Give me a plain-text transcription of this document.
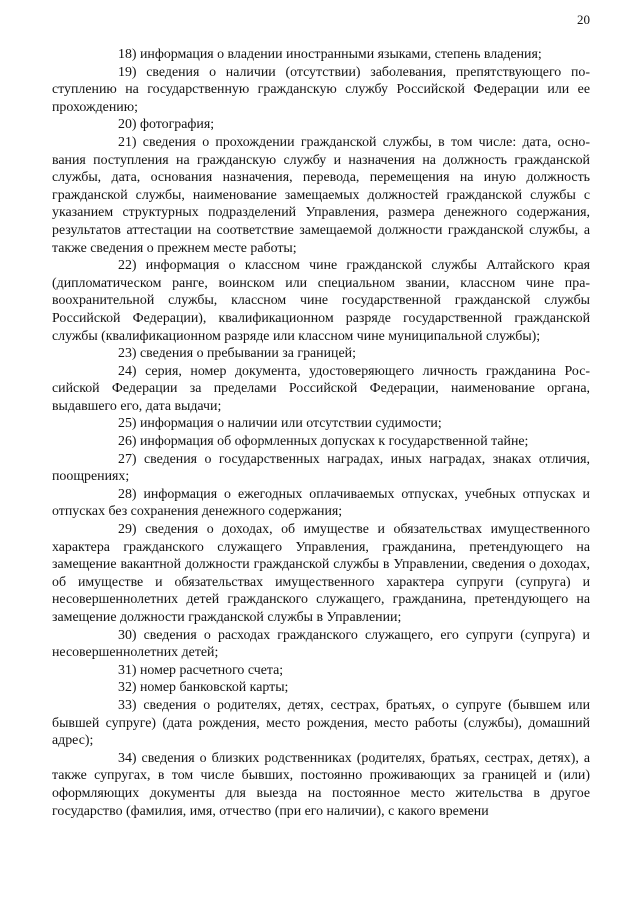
20

18) информация о владении иностранными языками, степень владения;

19) сведения о наличии (отсутствии) заболевания, препятствующего поступлению на государственную гражданскую службу Российской Федерации или ее прохождению;

20) фотография;

21) сведения о прохождении гражданской службы, в том числе: дата, основания поступления на гражданскую службу и назначения на должность гражданской службы, дата, основания назначения, перевода, перемещения на иную должность гражданской службы, наименование замещаемых должностей гражданской службы с указанием структурных подразделений Управления, размера денежного содержания, результатов аттестации на соответствие замещаемой должности гражданской службы, а также сведения о прежнем месте работы;

22) информация о классном чине гражданской службы Алтайского края (дипломатическом ранге, воинском или специальном звании, классном чине правоохранительной службы, классном чине государственной гражданской службы Российской Федерации), квалификационном разряде государственной гражданской службы (квалификационном разряде или классном чине муниципальной службы);

23) сведения о пребывании за границей;

24) серия, номер документа, удостоверяющего личность гражданина Российской Федерации за пределами Российской Федерации, наименование органа, выдавшего его, дата выдачи;

25) информация о наличии или отсутствии судимости;

26) информация об оформленных допусках к государственной тайне;

27) сведения о государственных наградах, иных наградах, знаках отличия, поощрениях;

28) информация о ежегодных оплачиваемых отпусках, учебных отпусках и отпусках без сохранения денежного содержания;

29) сведения о доходах, об имуществе и обязательствах имущественного характера гражданского служащего Управления, гражданина, претендующего на замещение вакантной должности гражданской службы в Управлении, сведения о доходах, об имуществе и обязательствах имущественного характера супруги (супруга) и несовершеннолетних детей гражданского служащего, гражданина, претендующего на замещение должности гражданской службы в Управлении;

30) сведения о расходах гражданского служащего, его супруги (супруга) и несовершеннолетних детей;

31) номер расчетного счета;

32) номер банковской карты;

33) сведения о родителях, детях, сестрах, братьях, о супруге (бывшем или бывшей супруге) (дата рождения, место рождения, место работы (службы), домашний адрес);

34) сведения о близких родственниках (родителях, братьях, сестрах, детях), а также супругах, в том числе бывших, постоянно проживающих за границей и (или) оформляющих документы для выезда на постоянное место жительства в другое государство (фамилия, имя, отчество (при его наличии), с какого времени
